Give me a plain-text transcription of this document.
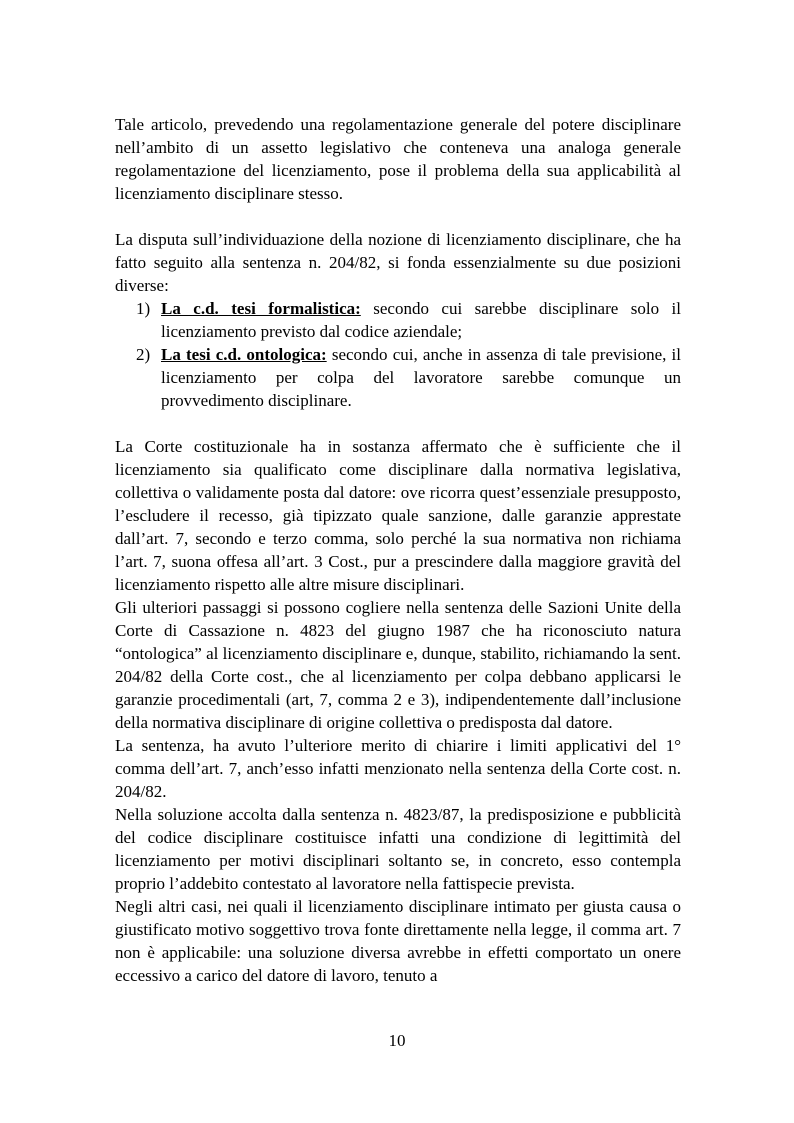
Tale articolo, prevedendo una regolamentazione generale del potere disciplinare nell’ambito di un assetto legislativo che conteneva una analoga generale regolamentazione del licenziamento, pose il problema della sua applicabilità al licenziamento disciplinare stesso.

La disputa sull’individuazione della nozione di licenziamento disciplinare, che ha fatto seguito alla sentenza n. 204/82, si fonda essenzialmente su due posizioni diverse:

1) La c.d. tesi formalistica: secondo cui sarebbe disciplinare solo il licenziamento previsto dal codice aziendale;
2) La tesi c.d. ontologica: secondo cui, anche in assenza di tale previsione, il licenziamento per colpa del lavoratore sarebbe comunque un provvedimento disciplinare.

La Corte costituzionale ha in sostanza affermato che è sufficiente che il licenziamento sia qualificato come disciplinare dalla normativa legislativa, collettiva o validamente posta dal datore: ove ricorra quest’essenziale presupposto, l’escludere il recesso, già tipizzato quale sanzione, dalle garanzie apprestate dall’art. 7, secondo e terzo comma, solo perché la sua normativa non richiama l’art. 7, suona offesa all’art. 3 Cost., pur a prescindere dalla maggiore gravità del licenziamento rispetto alle altre misure disciplinari.

Gli ulteriori passaggi si possono cogliere nella sentenza delle Sazioni Unite della Corte di Cassazione n. 4823 del giugno 1987 che ha riconosciuto natura “ontologica” al licenziamento disciplinare e, dunque, stabilito, richiamando la sent. 204/82 della Corte cost., che al licenziamento per colpa debbano applicarsi le garanzie procedimentali (art, 7, comma 2 e 3), indipendentemente dall’inclusione della normativa disciplinare di origine collettiva o predisposta dal datore.

La sentenza, ha avuto l’ulteriore merito di chiarire i limiti applicativi del 1° comma dell’art. 7, anch’esso infatti menzionato nella sentenza della Corte cost. n. 204/82.

Nella soluzione accolta dalla sentenza n. 4823/87, la predisposizione e pubblicità del codice disciplinare costituisce infatti una condizione di legittimità del licenziamento per motivi disciplinari soltanto se, in concreto, esso contempla proprio l’addebito contestato al lavoratore nella fattispecie prevista.

Negli altri casi, nei quali il licenziamento disciplinare intimato per giusta causa o giustificato motivo soggettivo trova fonte direttamente nella legge, il comma art. 7 non è applicabile: una soluzione diversa avrebbe in effetti comportato un onere eccessivo a carico del datore di lavoro, tenuto a

10
